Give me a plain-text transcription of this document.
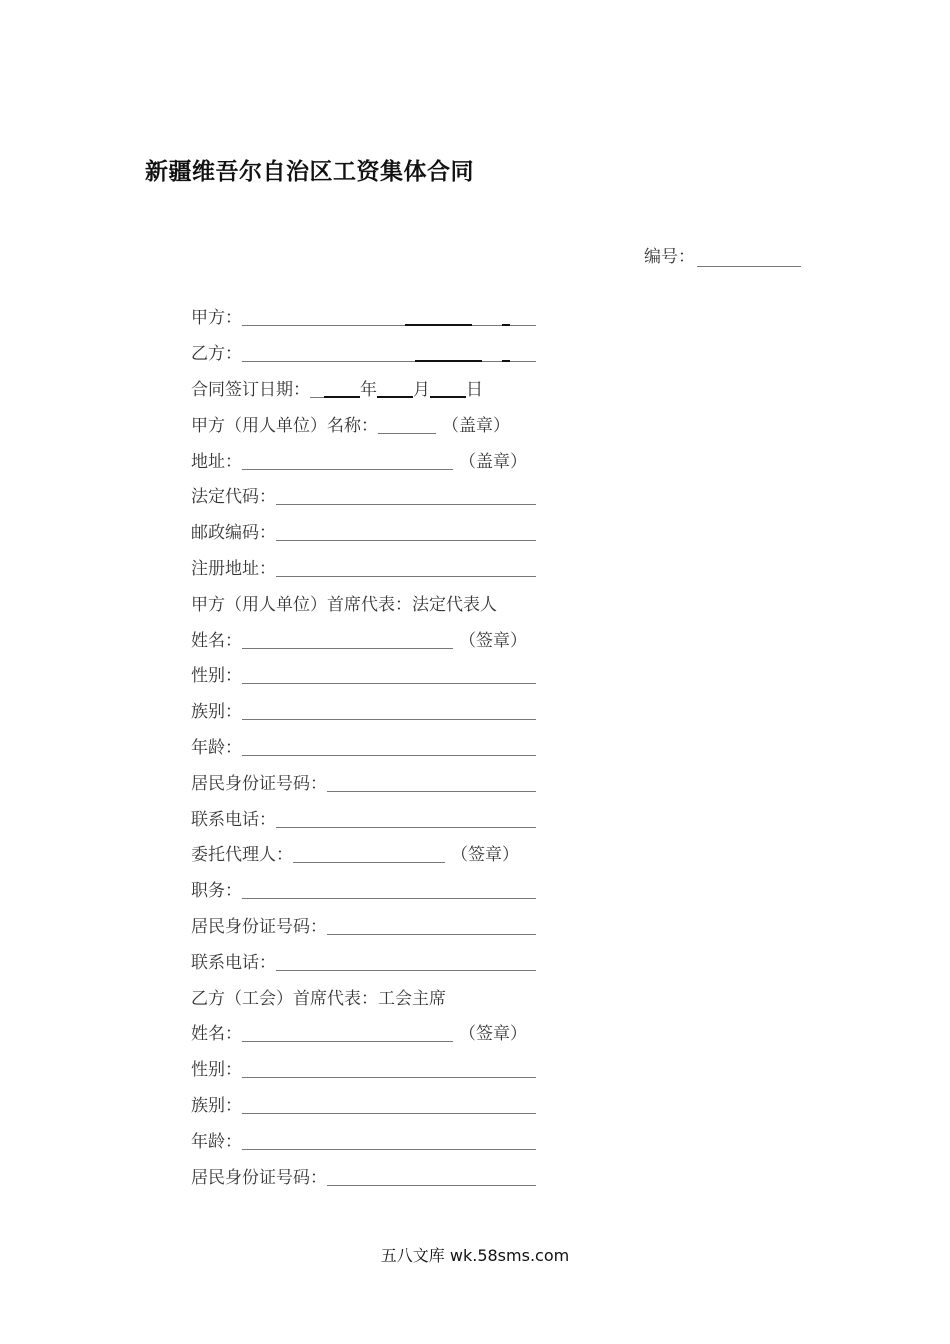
新疆维吾尔自治区工资集体合同
编号：
甲方：
乙方：
合同签订日期：	年 月 日
甲方（用人单位）名称：	（盖章）
地址：	（盖章）
法定代码：
邮政编码：
注册地址：
甲方（用人单位）首席代表：法定代表人
姓名：	（签章）
性别：
族别：
年龄：
居民身份证号码：
联系电话：
委托代理人：	（签章）
职务：
居民身份证号码：
联系电话：
乙方（工会）首席代表：工会主席
姓名：	（签章）
性别：
族别：
年龄：
居民身份证号码：
五八文库 wk.58sms.com
